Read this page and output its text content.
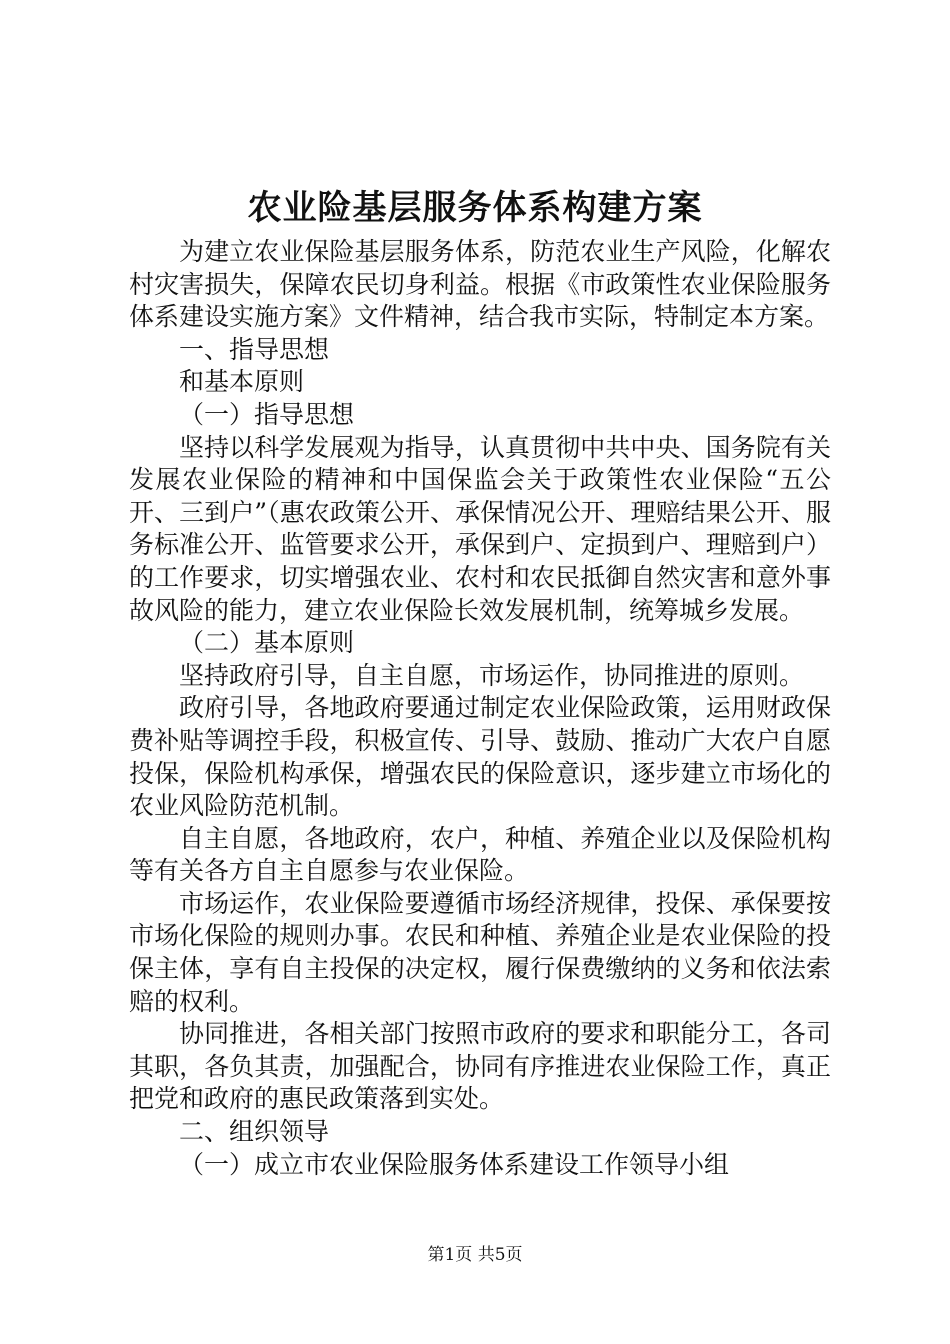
农业险基层服务体系构建方案

为建立农业保险基层服务体系，防范农业生产风险，化解农村灾害损失，保障农民切身利益。根据《市政策性农业保险服务体系建设实施方案》文件精神，结合我市实际，特制定本方案。

一、指导思想

和基本原则

（一）指导思想

坚持以科学发展观为指导，认真贯彻中共中央、国务院有关发展农业保险的精神和中国保监会关于政策性农业保险“五公开、三到户”（惠农政策公开、承保情况公开、理赔结果公开、服务标准公开、监管要求公开，承保到户、定损到户、理赔到户）的工作要求，切实增强农业、农村和农民抵御自然灾害和意外事故风险的能力，建立农业保险长效发展机制，统筹城乡发展。

（二）基本原则

坚持政府引导，自主自愿，市场运作，协同推进的原则。

政府引导，各地政府要通过制定农业保险政策，运用财政保费补贴等调控手段，积极宣传、引导、鼓励、推动广大农户自愿投保，保险机构承保，增强农民的保险意识，逐步建立市场化的农业风险防范机制。

自主自愿，各地政府，农户，种植、养殖企业以及保险机构等有关各方自主自愿参与农业保险。

市场运作，农业保险要遵循市场经济规律，投保、承保要按市场化保险的规则办事。农民和种植、养殖企业是农业保险的投保主体，享有自主投保的决定权，履行保费缴纳的义务和依法索赔的权利。

协同推进，各相关部门按照市政府的要求和职能分工，各司其职，各负其责，加强配合，协同有序推进农业保险工作，真正把党和政府的惠民政策落到实处。

二、组织领导

（一）成立市农业保险服务体系建设工作领导小组

第1页 共5页
